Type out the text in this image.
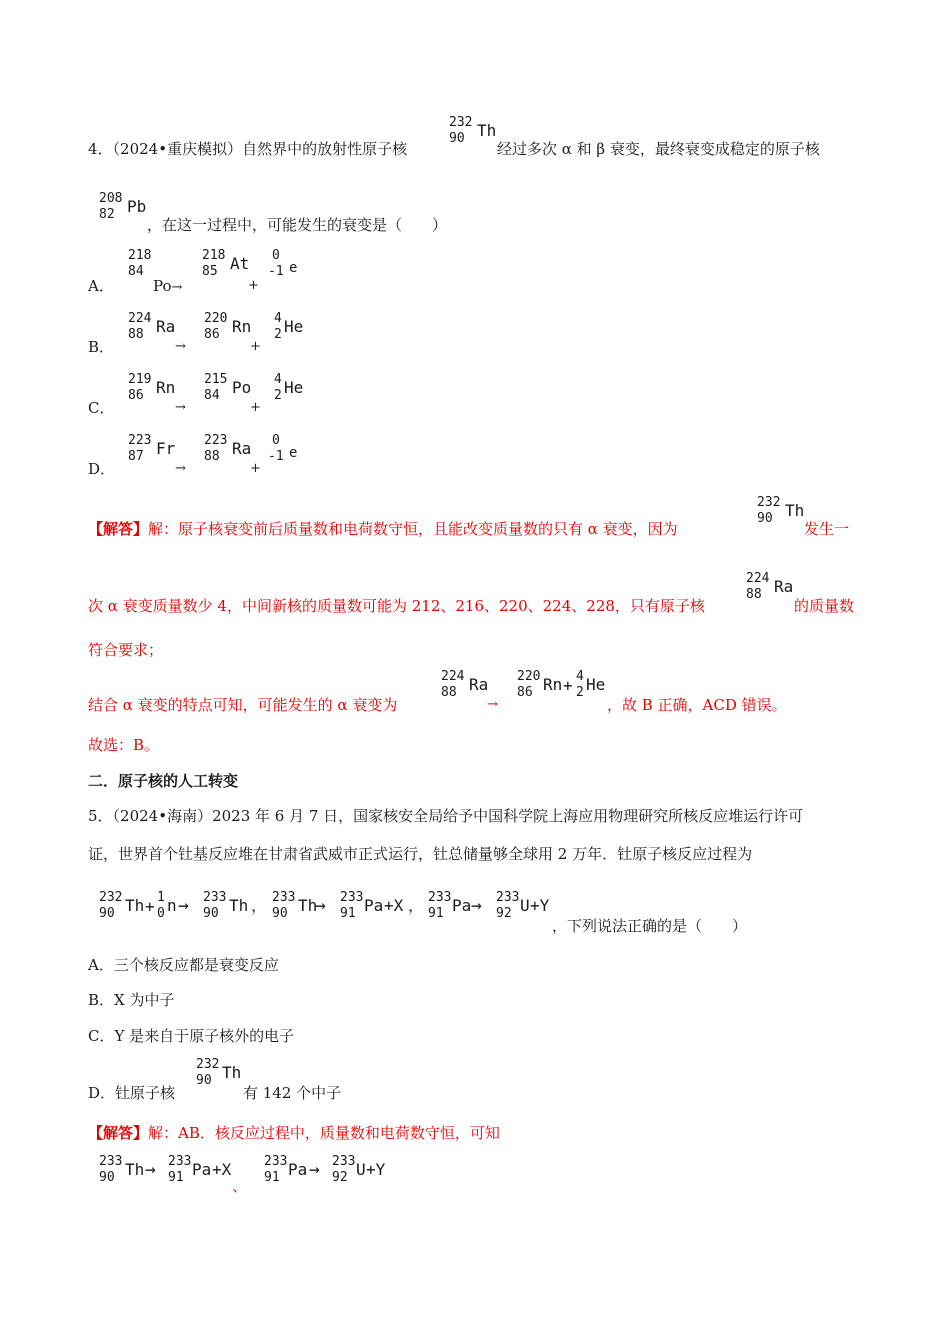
4．（2024•重庆模拟）自然界中的放射性原子核
232
90 Th
经过多次 α 和 β 衰变，最终衰变成稳定的原子核
208
82 Pb
，在这一过程中，可能发生的衰变是（　　）
A．
218
84
Po→
218
85 At
+
0
-1 e
B．
224
88 Ra
→
220
86 Rn
+
4
2 He
C．
219
86 Rn
→
215
84 Po
+
4
2 He
D．
223
87 Fr
→
223
88 Ra
+
0
-1 e
【解答】解：原子核衰变前后质量数和电荷数守恒，且能改变质量数的只有 α 衰变，因为
232
90 Th
发生一
次 α 衰变质量数少 4，中间新核的质量数可能为 212、216、220、224、228，只有原子核
224
88 Ra
的质量数
符合要求；
结合 α 衰变的特点可知，可能发生的 α 衰变为
224
88 Ra
→
220
86 Rn + 4
2 He
，故 B 正确，ACD 错误。
故选：B。
二．原子核的人工转变
5．（2024•海南）2023 年 6 月 7 日，国家核安全局给予中国科学院上海应用物理研究所核反应堆运行许可
证，世界首个钍基反应堆在甘肃省武威市正式运行，钍总储量够全球用 2 万年．钍原子核反应过程为
232
90 Th + 1
0 n → 233
90 Th ， 233
90 Th
→ 233
91 Pa +X ， 233
91 Pa → 233
92 U +Y
，下列说法正确的是（　　）
A．三个核反应都是衰变反应
B．X 为中子
C．Y 是来自于原子核外的电子
D．钍原子核
232
90 Th
有 142 个中子
【解答】解：AB．核反应过程中，质量数和电荷数守恒，可知
233
90 Th → 233
91 Pa +X
、
233
91 Pa → 233
92 U +Y
